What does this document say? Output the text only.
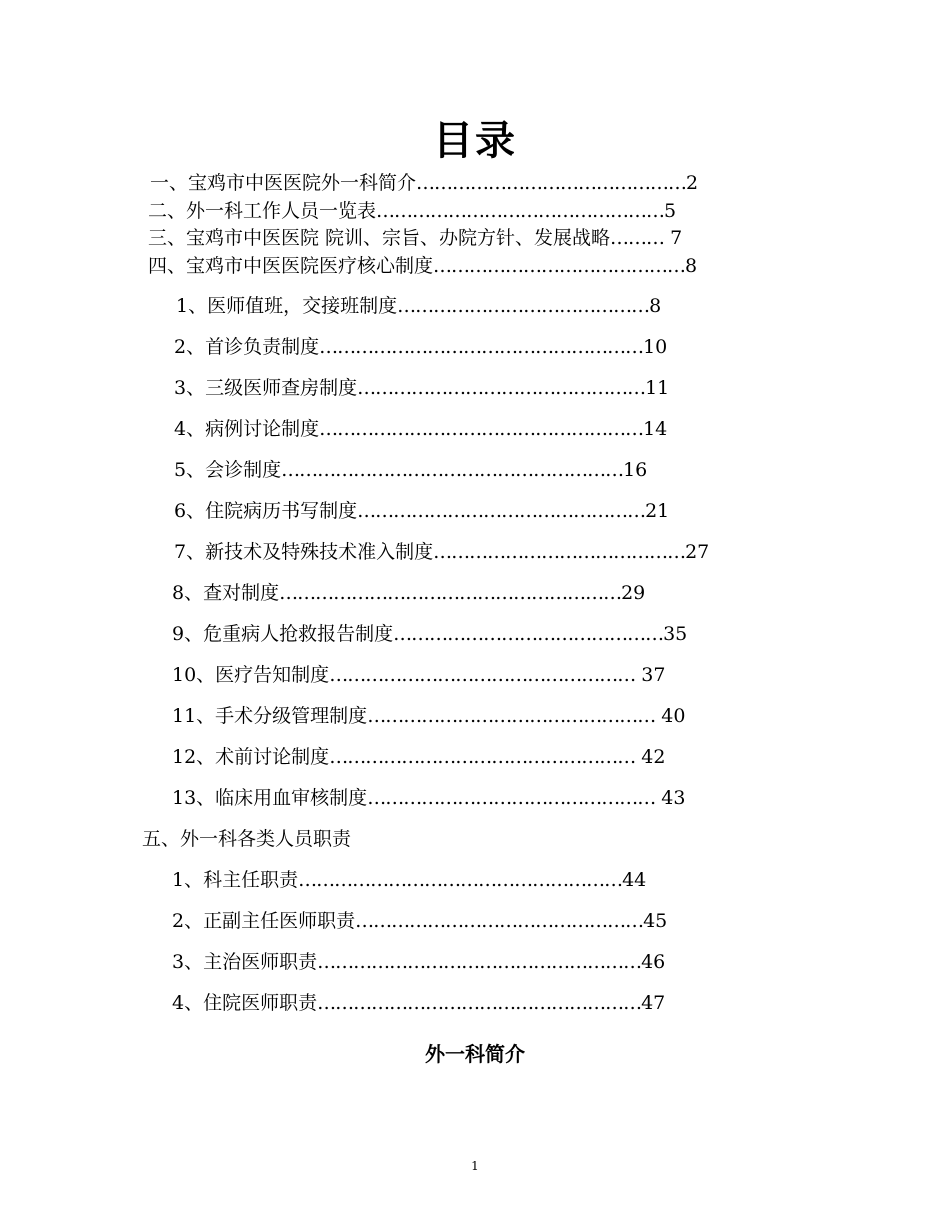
目录
一、宝鸡市中医医院外一科简介………………………………………2
二、外一科工作人员一览表…………………………………………5
三、宝鸡市中医医院 院训、宗旨、办院方针、发展战略……… 7
四、宝鸡市中医医院医疗核心制度……………………………………8
1、医师值班，交接班制度……………………………………8
2、首诊负责制度………………………………………………10
3、三级医师查房制度…………………………………………11
4、病例讨论制度………………………………………………14
5、会诊制度…………………………………………………16
6、住院病历书写制度…………………………………………21
7、新技术及特殊技术准入制度……………………………………27
8、查对制度…………………………………………………29
9、危重病人抢救报告制度………………………………………35
10、医疗告知制度…………………………………………… 37
11、手术分级管理制度………………………………………… 40
12、术前讨论制度…………………………………………… 42
13、临床用血审核制度………………………………………… 43
五、外一科各类人员职责
1、科主任职责………………………………………………44
2、正副主任医师职责…………………………………………45
3、主治医师职责………………………………………………46
4、住院医师职责………………………………………………47
外一科简介
1
